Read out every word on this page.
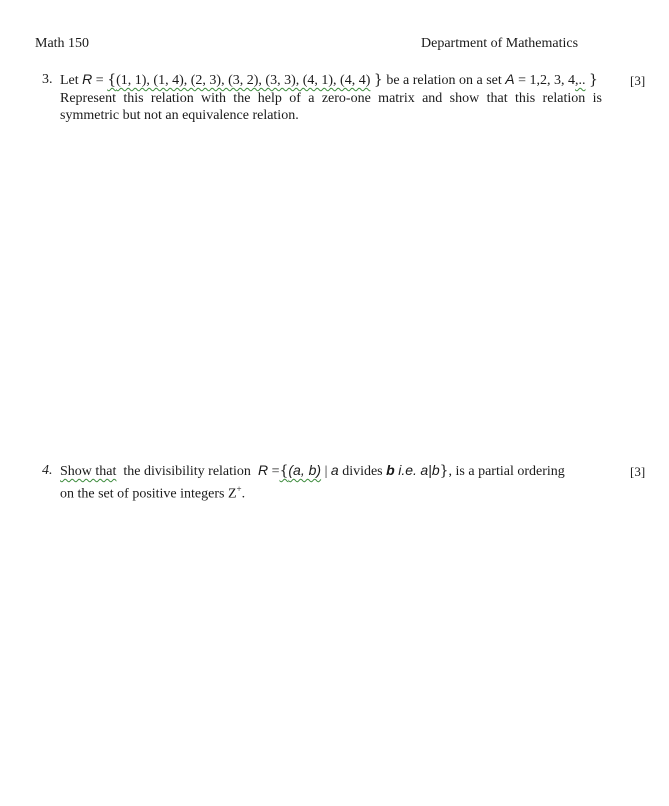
Math 150	Department of Mathematics
3. Let R = {(1, 1), (1, 4), (2, 3), (3, 2), (3, 3), (4, 1), (4, 4) } be a relation on a set A = 1,2, 3, 4,.. }
Represent this relation with the help of a zero-one matrix and show that this relation is
symmetric but not an equivalence relation.
[3]
4. Show that the divisibility relation R ={(a, b) | a divides b i.e. a|b}, is a partial ordering
on the set of positive integers Z+.
[3]
